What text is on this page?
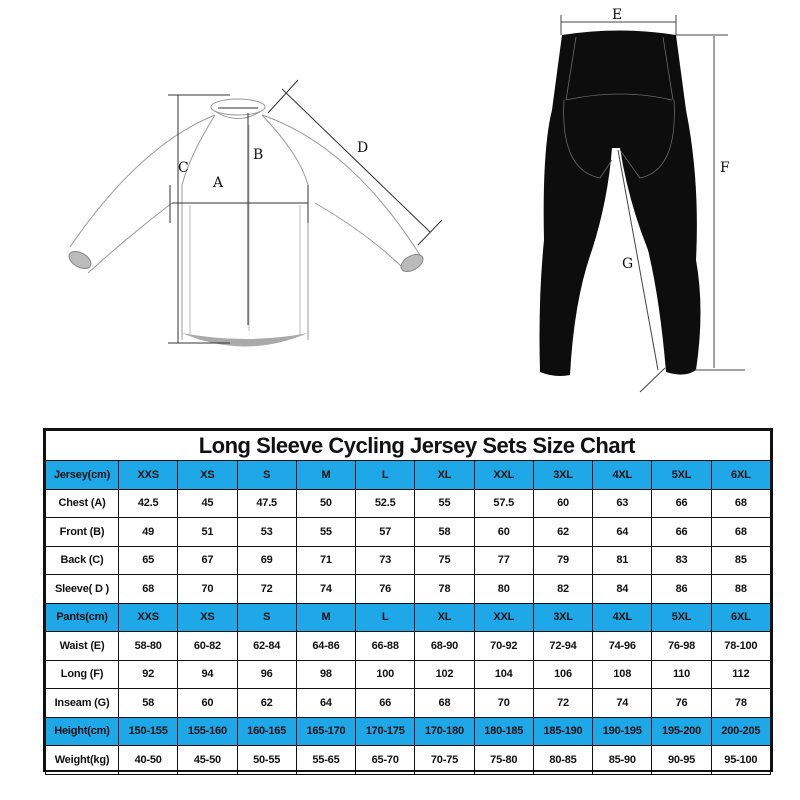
C
B
A
D
E
F
G
Long Sleeve Cycling Jersey Sets Size Chart											
Jersey(cm)	XXS	XS	S	M	L	XL	XXL	3XL	4XL	5XL	6XL
Chest (A)	42.5	45	47.5	50	52.5	55	57.5	60	63	66	68
Front (B)	49	51	53	55	57	58	60	62	64	66	68
Back (C)	65	67	69	71	73	75	77	79	81	83	85
Sleeve( D )	68	70	72	74	76	78	80	82	84	86	88
Pants(cm)	XXS	XS	S	M	L	XL	XXL	3XL	4XL	5XL	6XL
Waist (E)	58-80	60-82	62-84	64-86	66-88	68-90	70-92	72-94	74-96	76-98	78-100
Long (F)	92	94	96	98	100	102	104	106	108	110	112
Inseam (G)	58	60	62	64	66	68	70	72	74	76	78
Height(cm)	150-155	155-160	160-165	165-170	170-175	170-180	180-185	185-190	190-195	195-200	200-205
Weight(kg)	40-50	45-50	50-55	55-65	65-70	70-75	75-80	80-85	85-90	90-95	95-100
